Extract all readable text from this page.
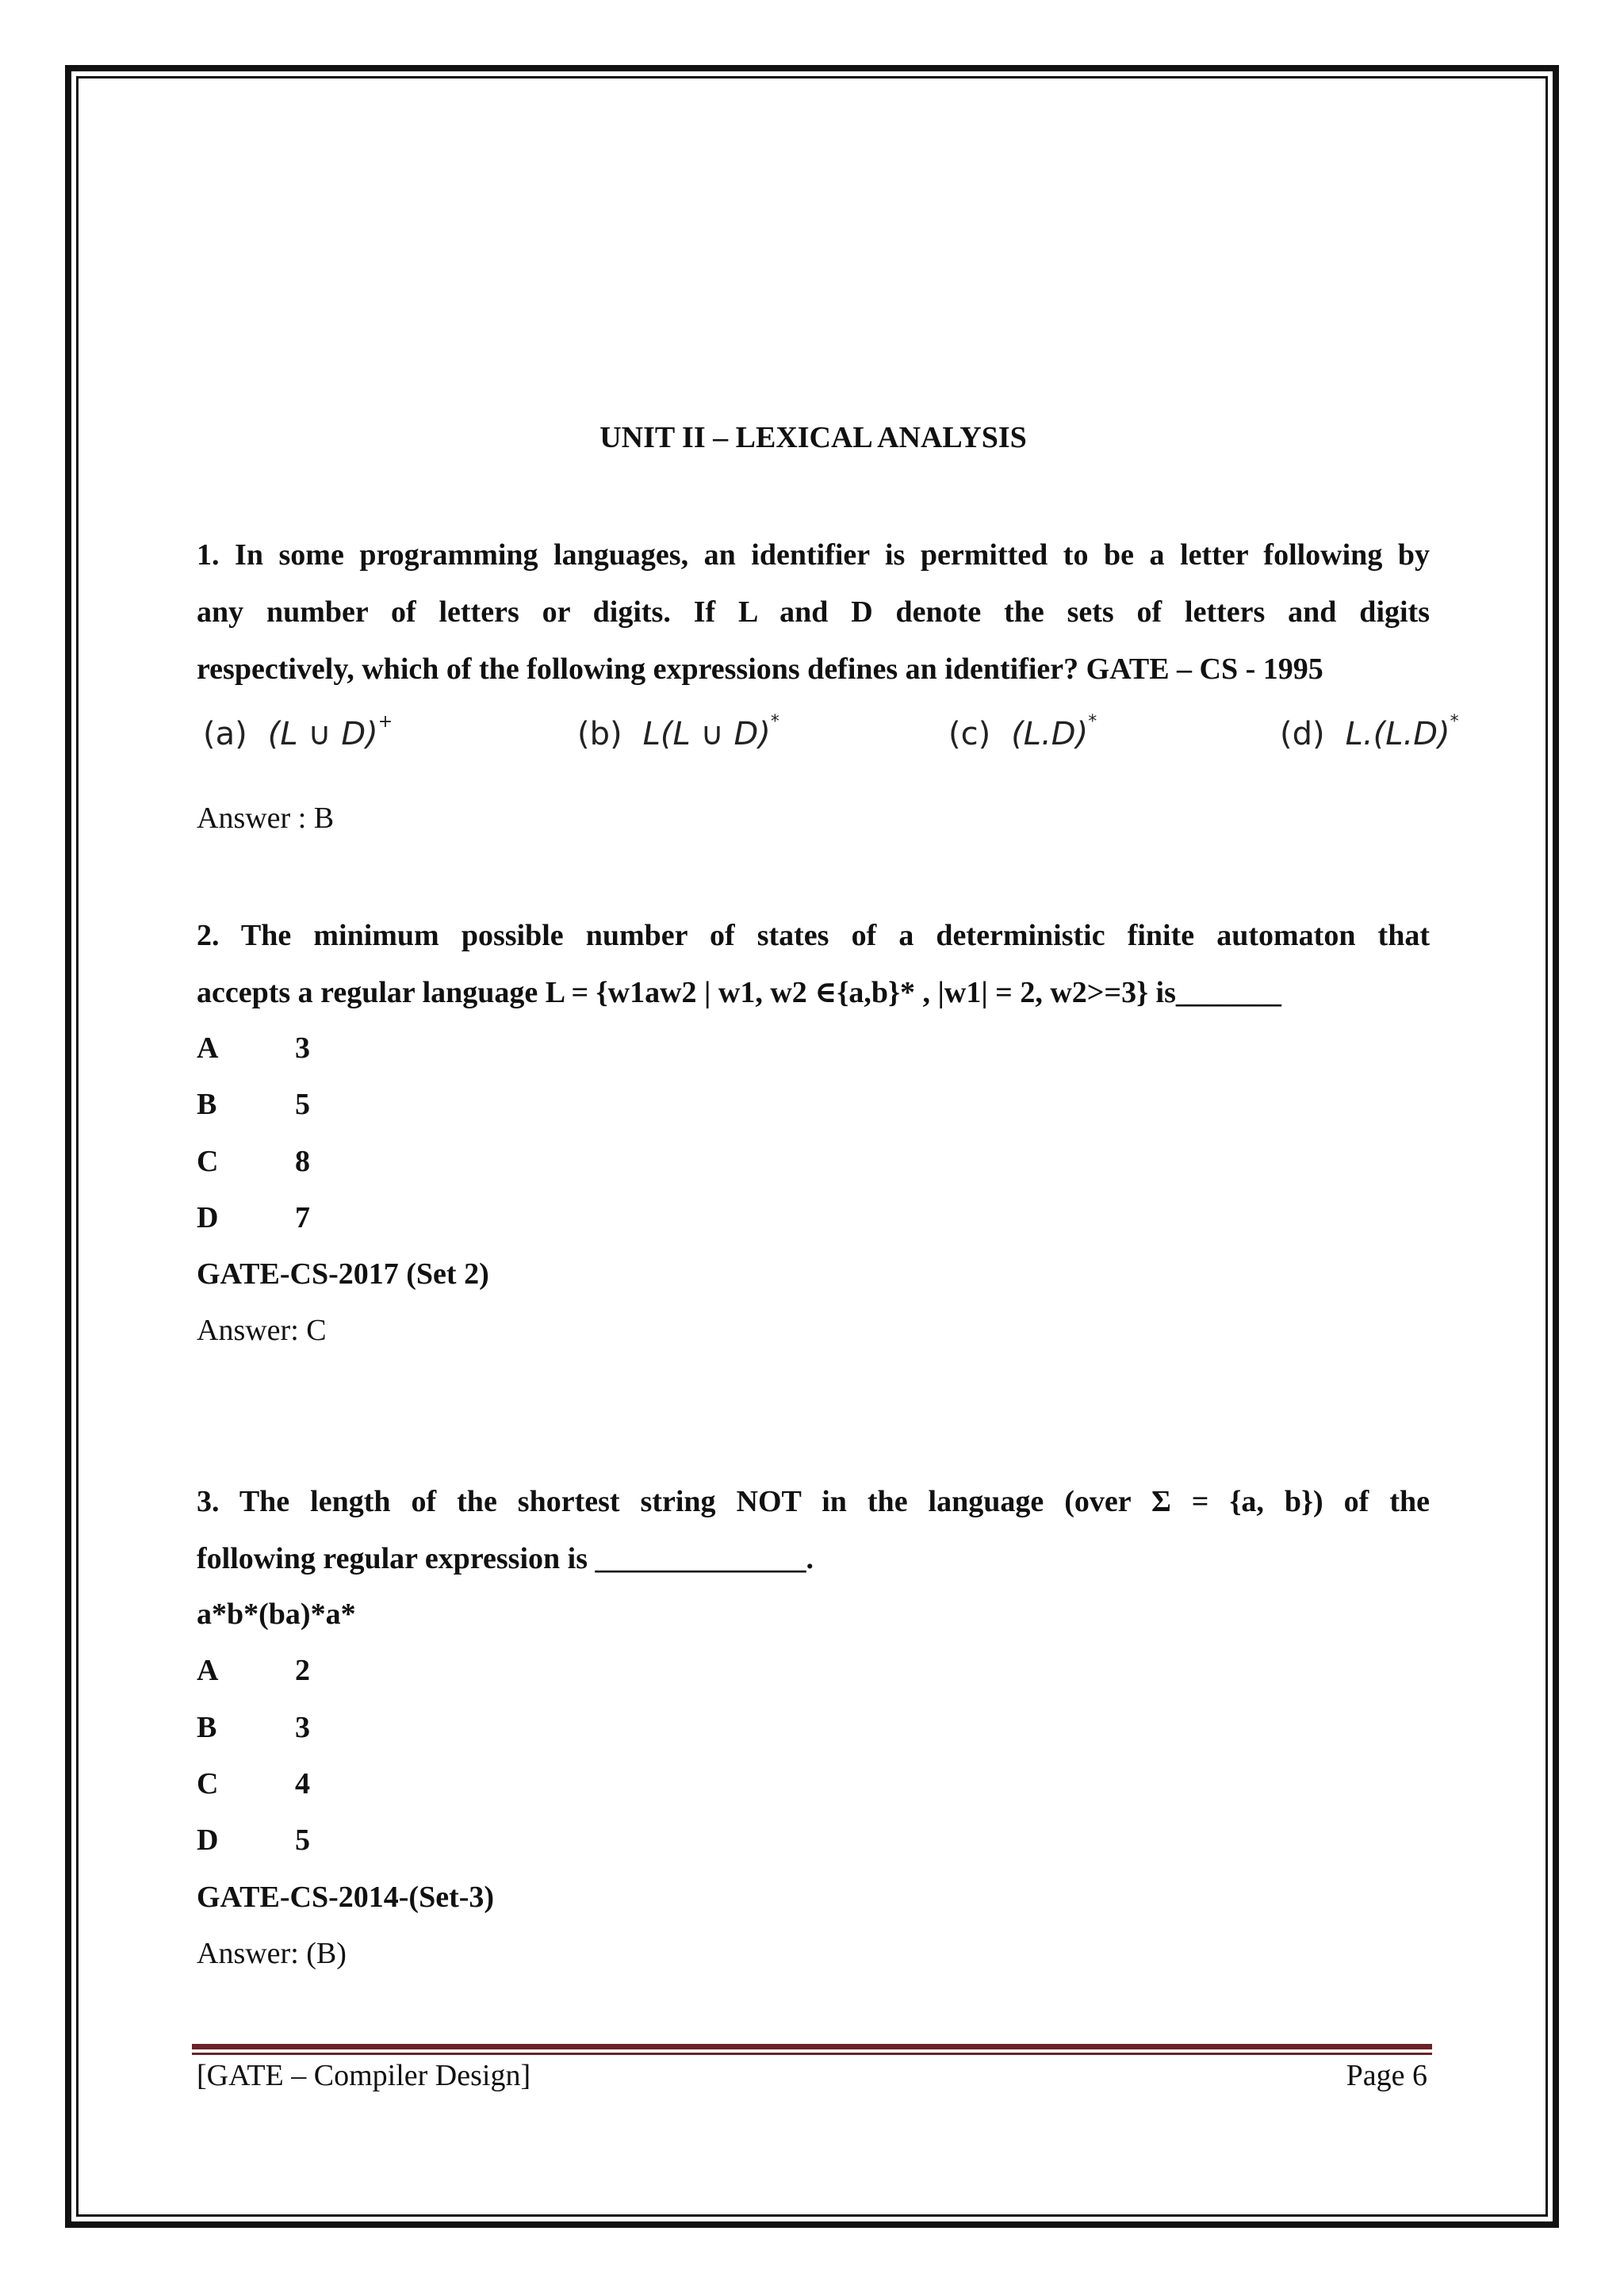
UNIT II – LEXICAL ANALYSIS
1. In some programming languages, an identifier is permitted to be a letter following by
any number of letters or digits. If L and D denote the sets of letters and digits
respectively, which of the following expressions defines an identifier? GATE – CS - 1995
(a) (L ∪ D)+	(b) L(L ∪ D)*	(c) (L.D)*	(d) L.(L.D)*
Answer : B
2. The minimum possible number of states of a deterministic finite automaton that
accepts a regular language L = {w1aw2 | w1, w2 ∈{a,b}* , |w1| = 2, w2>=3} is_______
A	3
B	5
C	8
D	7
GATE-CS-2017 (Set 2)
Answer: C
3. The length of the shortest string NOT in the language (over Σ = {a, b}) of the
following regular expression is ______________.
a*b*(ba)*a*
A	2
B	3
C	4
D	5
GATE-CS-2014-(Set-3)
Answer: (B)
[GATE – Compiler Design]	Page 6
